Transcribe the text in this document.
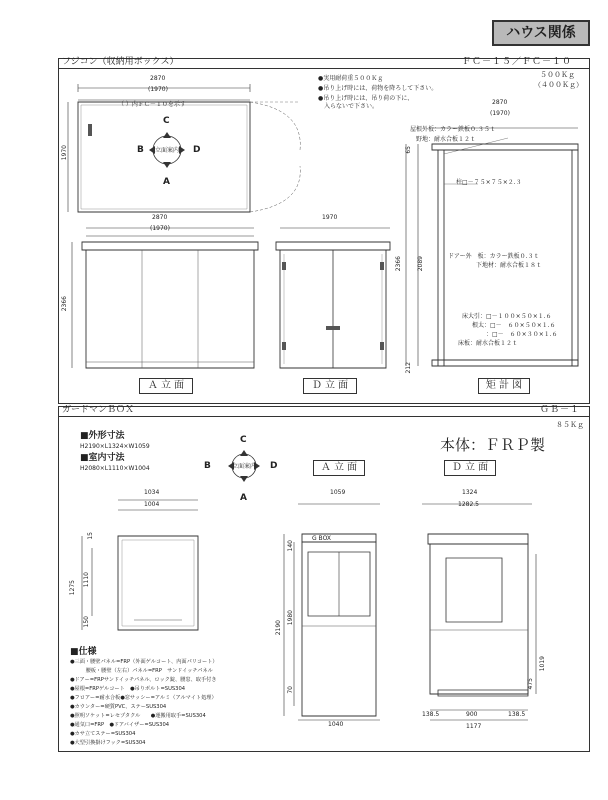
ハウス関係
フジコン（収納用ボックス）	ＦＣ－１５／ＦＣ－１０
５００Ｋｇ
（４００Ｋｇ）
●実用耐荷重５００Ｋｇ
●吊り上げ時には、荷物を降ろして下さい。
●吊り上げ時には、吊り荷の下に、
　入らないで下さい。
2870
(1970)
（ ）内ＦＣ－１０を示す
1970
C
A
B	D
立面案内
2870
(1970)
2366
Ａ 立 面
1970
Ｄ 立 面
2870
(1970)
65
2089
2366
212
屋根外板：カラー鉄板０.３５ｔ
野地：耐水合板１２ｔ
柱□－７５×７５×２.３
ドアー外　板：カラー鉄板０.３ｔ
下地材：耐水合板１８ｔ
床大引：□－１００×５０×１.６
根太：□－　６０×５０×１.６
：□－　６０×３０×１.６
床板：耐水合板１２ｔ
矩 計 図
ガードマンＢＯＸ	ＧＢ－１
８５Ｋｇ
■外形寸法
H2190×L1324×W1059
■室内寸法
H2080×L1110×W1004
本体：ＦＲＰ製
C
A
B	D
立面案内	Ａ 立 面	Ｄ 立 面
1034
1004
15
1275
1110
150
1059
G BOX
140
2190
1980
70
1040
1324
1282.5
1019
475
138.5	900	138.5
1177
■仕様
●三面・腰壁パネル=FRP（外面ゲルコート、内面パリコート）
　　　腰板・腰壁（左右）パネル=FRP　サンドイッチパネル
●ドアー=FRPサンドイッチパネル、ロック錠、腰窓、取手付き
●屋根=FRPゲルコート　●吊りボルト=SUS304
●フロアー=耐水合板●窓サッシー=アルミ（アルマイト処理）
●カウンター=硬質PVC、ステーSUS304
●照明ソケット=レセプタクル　　●運搬用取手=SUS304
●通気口=FRP　●ドアバイザー=SUS304
●カサ立てステー=SUS304
●大型引換掛けフック=SUS304
